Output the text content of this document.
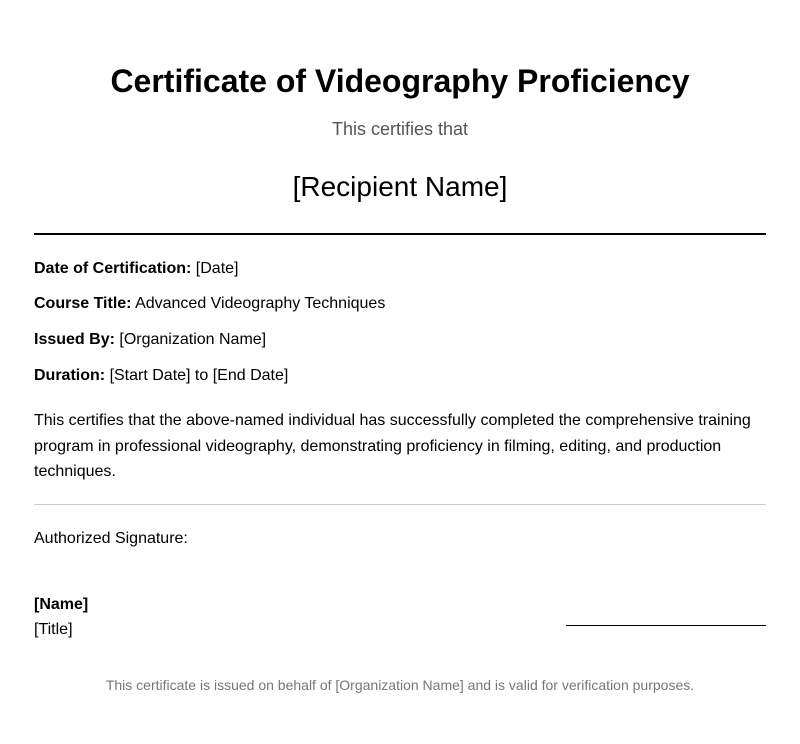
Certificate of Videography Proficiency
This certifies that
[Recipient Name]
Date of Certification: [Date]
Course Title: Advanced Videography Techniques
Issued By: [Organization Name]
Duration: [Start Date] to [End Date]
This certifies that the above-named individual has successfully completed the comprehensive training program in professional videography, demonstrating proficiency in filming, editing, and production techniques.
Authorized Signature:
[Name]
[Title]
This certificate is issued on behalf of [Organization Name] and is valid for verification purposes.
